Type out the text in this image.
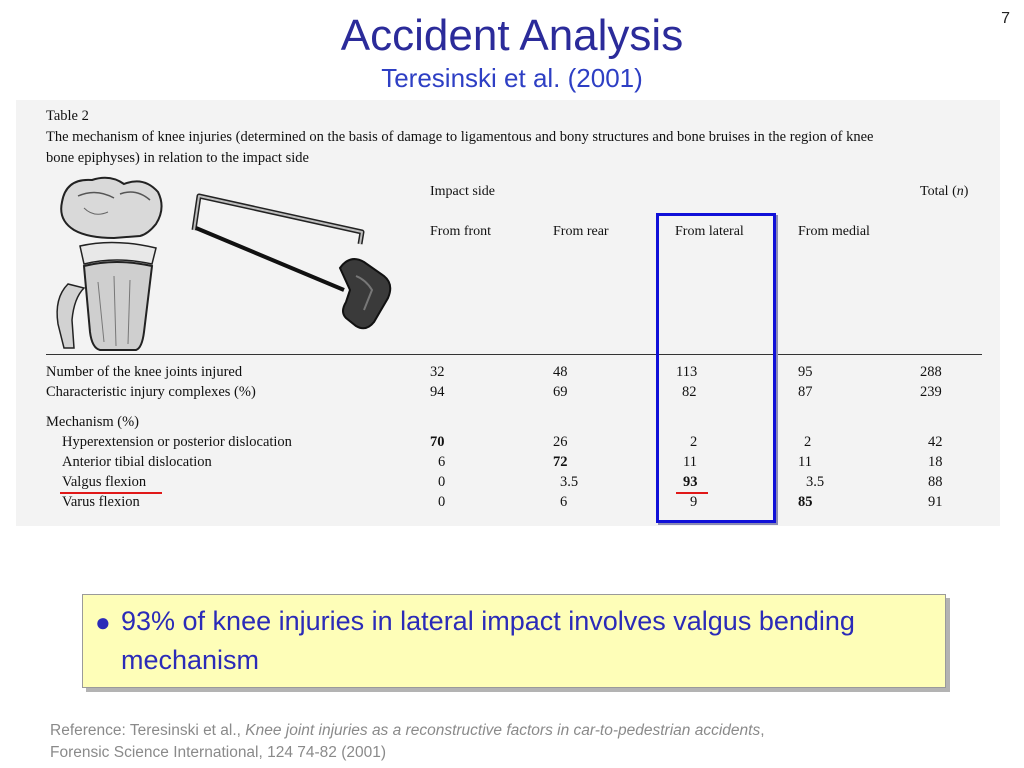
7
Accident Analysis
Teresinski et al. (2001)
Table 2
The mechanism of knee injuries (determined on the basis of damage to ligamentous and bony structures and bone bruises in the region of knee
bone epiphyses) in relation to the impact side
Impact side	Total (n)
From front	From rear	From lateral	From medial
Number of the knee joints injured	32	48	113	95	288
Characteristic injury complexes (%)	94	69	82	87	239
Mechanism (%)
Hyperextension or posterior dislocation	70	26	2	2	42
Anterior tibial dislocation	6	72	11	11	18
Valgus flexion	0	3.5	93	3.5	88
Varus flexion	0	6	9	85	91
● 93% of knee injuries in lateral impact involves valgus bending mechanism
Reference: Teresinski et al., Knee joint injuries as a reconstructive factors in car-to-pedestrian accidents,
Forensic Science International, 124 74-82 (2001)
